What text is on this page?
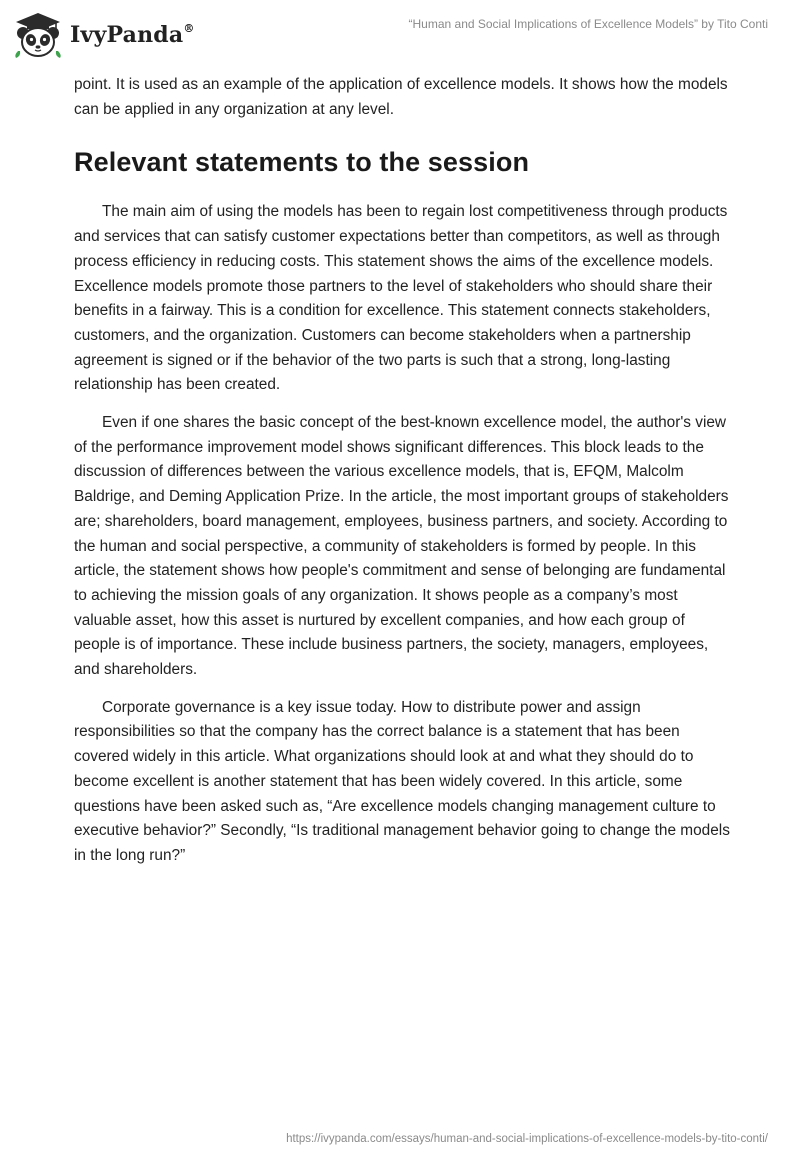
IvyPanda®	“Human and Social Implications of Excellence Models” by Tito Conti

point. It is used as an example of the application of excellence models. It shows how the models can be applied in any organization at any level.

Relevant statements to the session

The main aim of using the models has been to regain lost competitiveness through products and services that can satisfy customer expectations better than competitors, as well as through process efficiency in reducing costs. This statement shows the aims of the excellence models. Excellence models promote those partners to the level of stakeholders who should share their benefits in a fairway. This is a condition for excellence. This statement connects stakeholders, customers, and the organization. Customers can become stakeholders when a partnership agreement is signed or if the behavior of the two parts is such that a strong, long-lasting relationship has been created.

Even if one shares the basic concept of the best-known excellence model, the author's view of the performance improvement model shows significant differences. This block leads to the discussion of differences between the various excellence models, that is, EFQM, Malcolm Baldrige, and Deming Application Prize. In the article, the most important groups of stakeholders are; shareholders, board management, employees, business partners, and society. According to the human and social perspective, a community of stakeholders is formed by people. In this article, the statement shows how people's commitment and sense of belonging are fundamental to achieving the mission goals of any organization. It shows people as a company’s most valuable asset, how this asset is nurtured by excellent companies, and how each group of people is of importance. These include business partners, the society, managers, employees, and shareholders.

Corporate governance is a key issue today. How to distribute power and assign responsibilities so that the company has the correct balance is a statement that has been covered widely in this article. What organizations should look at and what they should do to become excellent is another statement that has been widely covered. In this article, some questions have been asked such as, “Are excellence models changing management culture to executive behavior?” Secondly, “Is traditional management behavior going to change the models in the long run?”

https://ivypanda.com/essays/human-and-social-implications-of-excellence-models-by-tito-conti/
